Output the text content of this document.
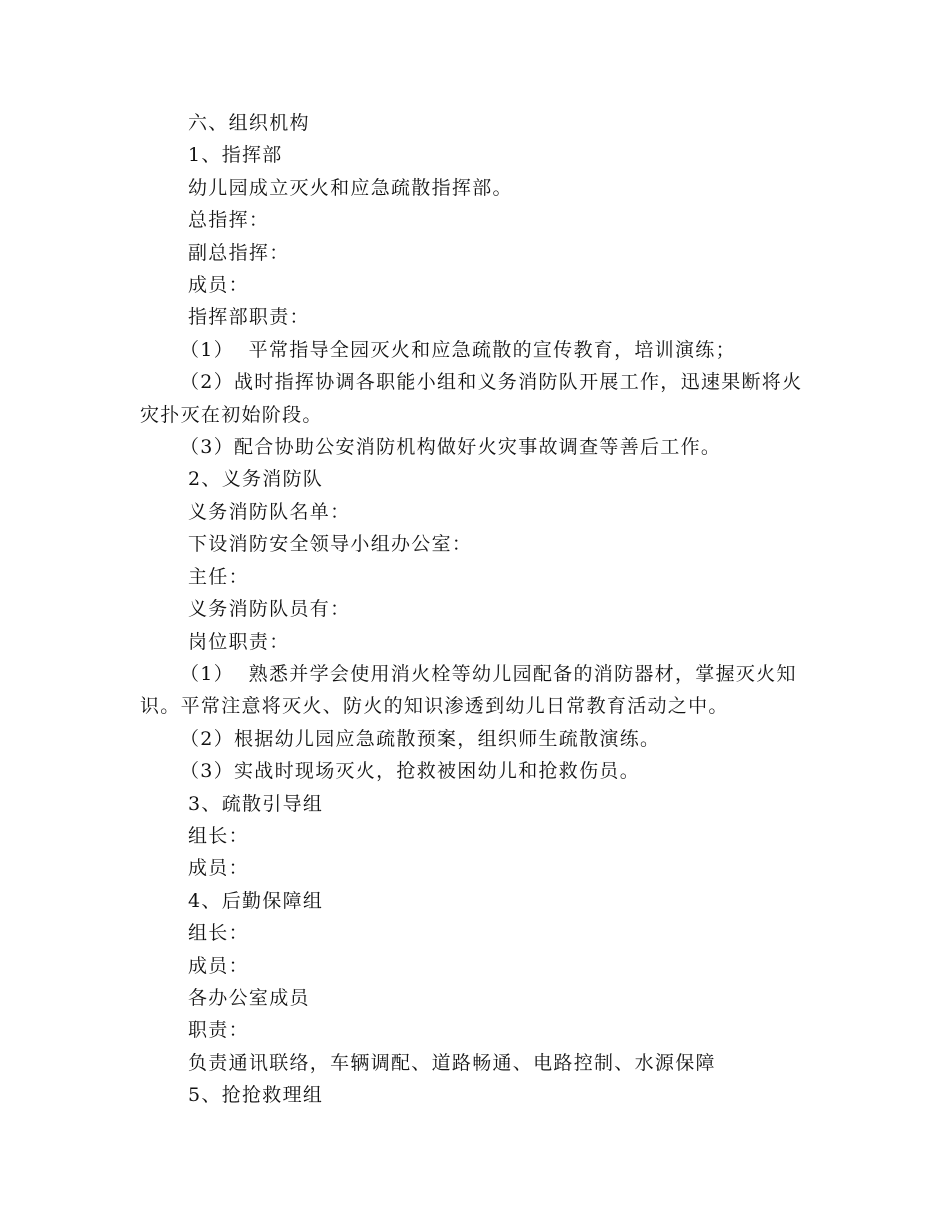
六、组织机构

1、指挥部

幼儿园成立灭火和应急疏散指挥部。

总指挥：

副总指挥：

成员：

指挥部职责：

（1）  平常指导全园灭火和应急疏散的宣传教育，培训演练；

（2）战时指挥协调各职能小组和义务消防队开展工作，迅速果断将火灾扑灭在初始阶段。

（3）配合协助公安消防机构做好火灾事故调查等善后工作。

2、义务消防队

义务消防队名单：

下设消防安全领导小组办公室：

主任：

义务消防队员有：

岗位职责：

（1）  熟悉并学会使用消火栓等幼儿园配备的消防器材，掌握灭火知识。平常注意将灭火、防火的知识渗透到幼儿日常教育活动之中。

（2）根据幼儿园应急疏散预案，组织师生疏散演练。

（3）实战时现场灭火，抢救被困幼儿和抢救伤员。

3、疏散引导组

组长：

成员：

4、后勤保障组

组长：

成员：

各办公室成员

职责：

负责通讯联络，车辆调配、道路畅通、电路控制、水源保障

5、抢抢救理组
